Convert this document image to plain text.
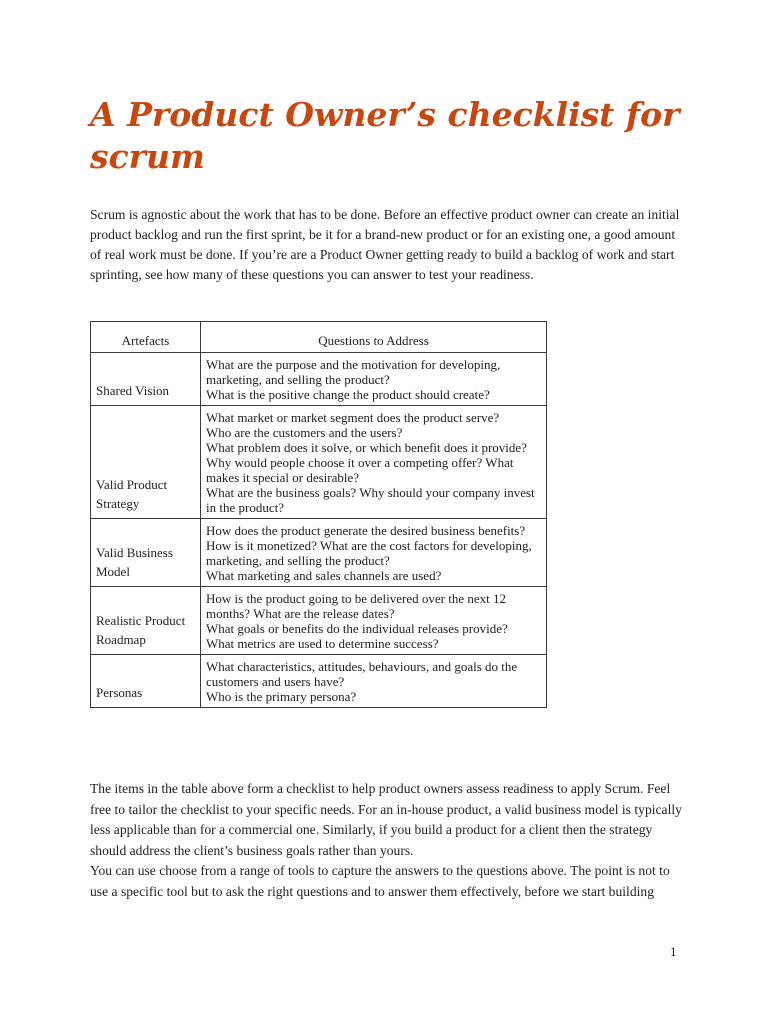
A Product Owner’s checklist for scrum

Scrum is agnostic about the work that has to be done. Before an effective product owner can create an initial product backlog and run the first sprint, be it for a brand-new product or for an existing one, a good amount of real work must be done. If you’re are a Product Owner getting ready to build a backlog of work and start sprinting, see how many of these questions you can answer to test your readiness.

Artefacts	Questions to Address
Shared Vision	What are the purpose and the motivation for developing, marketing, and selling the product?
What is the positive change the product should create?

Valid Product Strategy	What market or market segment does the product serve?
Who are the customers and the users?
What problem does it solve, or which benefit does it provide?
Why would people choose it over a competing offer? What makes it special or desirable?
What are the business goals? Why should your company invest in the product?

Valid Business Model	How does the product generate the desired business benefits?
How is it monetized? What are the cost factors for developing, marketing, and selling the product?
What marketing and sales channels are used?

Realistic Product Roadmap	How is the product going to be delivered over the next 12 months? What are the release dates?
What goals or benefits do the individual releases provide?
What metrics are used to determine success?

Personas	What characteristics, attitudes, behaviours, and goals do the customers and users have?
Who is the primary persona?
The items in the table above form a checklist to help product owners assess readiness to apply Scrum. Feel free to tailor the checklist to your specific needs. For an in-house product, a valid business model is typically less applicable than for a commercial one. Similarly, if you build a product for a client then the strategy should address the client’s business goals rather than yours.
You can use choose from a range of tools to capture the answers to the questions above. The point is not to use a specific tool but to ask the right questions and to answer them effectively, before we start building
1
